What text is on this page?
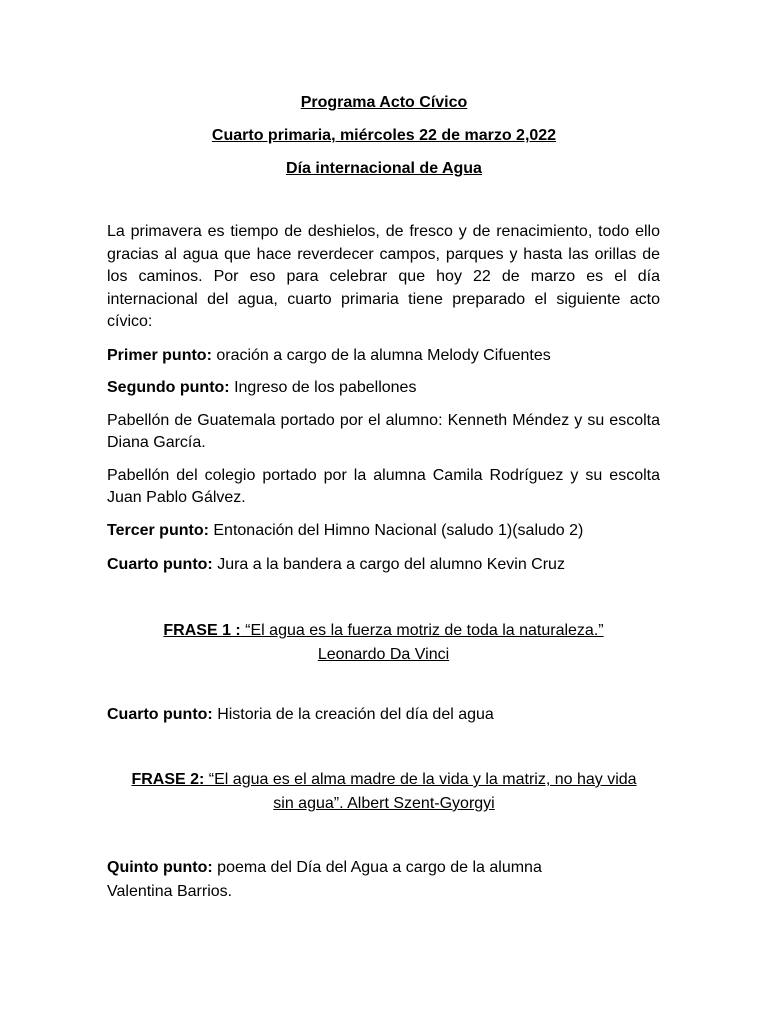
Programa Acto Cívico
Cuarto primaria, miércoles 22 de marzo 2,022
Día internacional de Agua
La primavera es tiempo de deshielos, de fresco y de renacimiento, todo ello gracias al agua que hace reverdecer campos, parques y hasta las orillas de los caminos. Por eso para celebrar que hoy 22 de marzo es el día internacional del agua, cuarto primaria tiene preparado el siguiente acto cívico:
Primer punto: oración a cargo de la alumna Melody Cifuentes
Segundo punto: Ingreso de los pabellones
Pabellón de Guatemala portado por el alumno: Kenneth Méndez y su escolta Diana García.
Pabellón del colegio portado por la alumna Camila Rodríguez y su escolta Juan Pablo Gálvez.
Tercer punto: Entonación del Himno Nacional (saludo 1)(saludo 2)
Cuarto punto: Jura a la bandera a cargo del alumno Kevin Cruz
FRASE 1 : “El agua es la fuerza motriz de toda la naturaleza.”
Leonardo Da Vinci
Cuarto punto: Historia de la creación del día del agua
FRASE 2: “El agua es el alma madre de la vida y la matriz, no hay vida sin agua”. Albert Szent-Gyorgyi
Quinto punto: poema del Día del Agua a cargo de la alumna Valentina Barrios.
